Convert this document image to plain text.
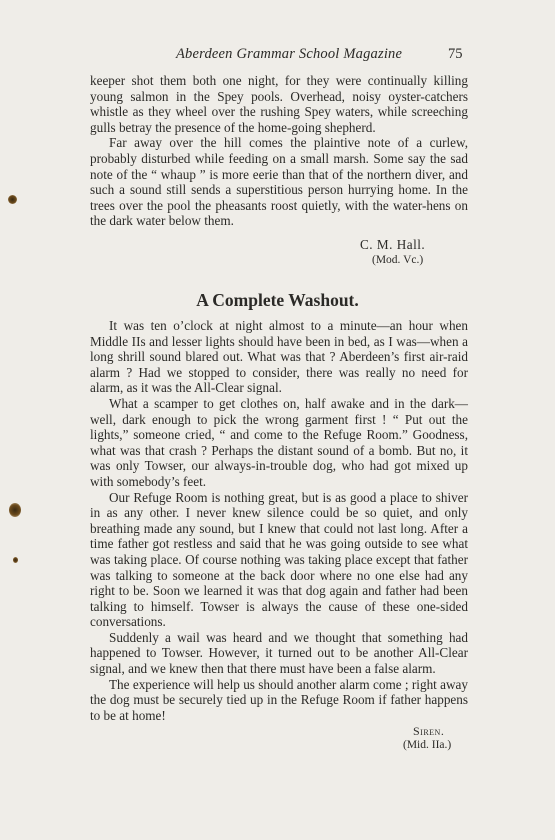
Aberdeen Grammar School Magazine	75

keeper shot them both one night, for they were continually killing young salmon in the Spey pools. Overhead, noisy oyster-catchers whistle as they wheel over the rushing Spey waters, while screeching gulls betray the presence of the home-going shepherd.

Far away over the hill comes the plaintive note of a curlew, probably disturbed while feeding on a small marsh. Some say the sad note of the “ whaup ” is more eerie than that of the northern diver, and such a sound still sends a superstitious person hurrying home. In the trees over the pool the pheasants roost quietly, with the water-hens on the dark water below them.

C. M. Hall.
(Mod. Vc.)
A Complete Washout.

It was ten o’clock at night almost to a minute—an hour when Middle IIs and lesser lights should have been in bed, as I was—when a long shrill sound blared out. What was that ? Aberdeen’s first air-raid alarm ? Had we stopped to consider, there was really no need for alarm, as it was the All-Clear signal.

What a scamper to get clothes on, half awake and in the dark—well, dark enough to pick the wrong garment first ! “ Put out the lights,” someone cried, “ and come to the Refuge Room.” Goodness, what was that crash ? Perhaps the distant sound of a bomb. But no, it was only Towser, our always-in-trouble dog, who had got mixed up with somebody’s feet.

Our Refuge Room is nothing great, but is as good a place to shiver in as any other. I never knew silence could be so quiet, and only breathing made any sound, but I knew that could not last long. After a time father got restless and said that he was going outside to see what was taking place. Of course nothing was taking place except that father was talking to someone at the back door where no one else had any right to be. Soon we learned it was that dog again and father had been talking to himself. Towser is always the cause of these one-sided conversations.

Suddenly a wail was heard and we thought that something had happened to Towser. However, it turned out to be another All-Clear signal, and we knew then that there must have been a false alarm.

The experience will help us should another alarm come ; right away the dog must be securely tied up in the Refuge Room if father happens to be at home!

Siren.
(Mid. IIa.)
